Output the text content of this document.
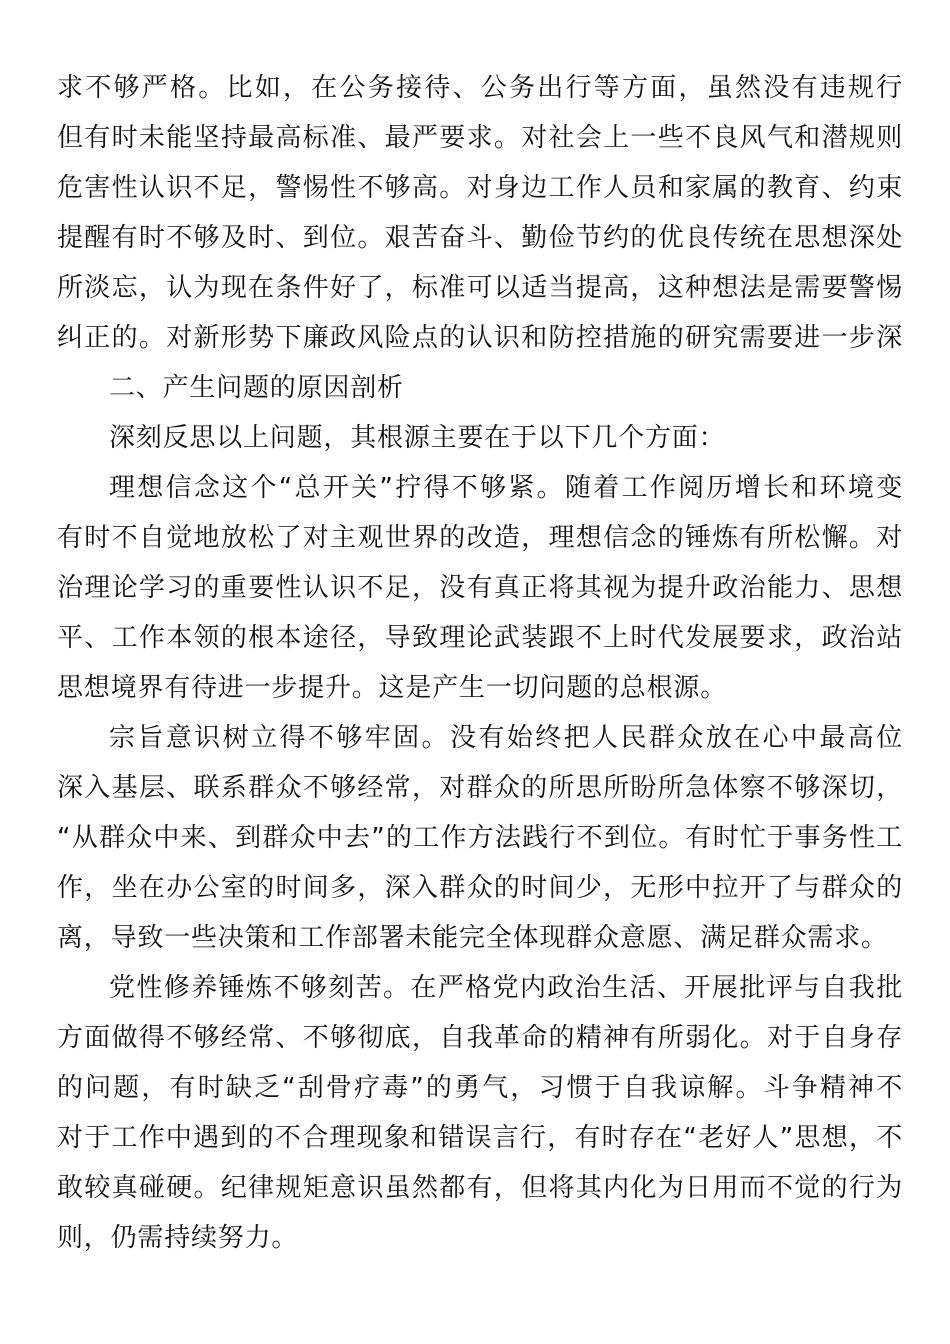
求不够严格。比如，在公务接待、公务出行等方面，虽然没有违规行
但有时未能坚持最高标准、最严要求。对社会上一些不良风气和潜规则
危害性认识不足，警惕性不够高。对身边工作人员和家属的教育、约束
提醒有时不够及时、到位。艰苦奋斗、勤俭节约的优良传统在思想深处
所淡忘，认为现在条件好了，标准可以适当提高，这种想法是需要警惕
纠正的。对新形势下廉政风险点的认识和防控措施的研究需要进一步深
二、产生问题的原因剖析
深刻反思以上问题，其根源主要在于以下几个方面：
理想信念这个“总开关”拧得不够紧。随着工作阅历增长和环境变
有时不自觉地放松了对主观世界的改造，理想信念的锤炼有所松懈。对
治理论学习的重要性认识不足，没有真正将其视为提升政治能力、思想
平、工作本领的根本途径，导致理论武装跟不上时代发展要求，政治站
思想境界有待进一步提升。这是产生一切问题的总根源。
宗旨意识树立得不够牢固。没有始终把人民群众放在心中最高位
深入基层、联系群众不够经常，对群众的所思所盼所急体察不够深切，
“从群众中来、到群众中去”的工作方法践行不到位。有时忙于事务性工
作，坐在办公室的时间多，深入群众的时间少，无形中拉开了与群众的
离，导致一些决策和工作部署未能完全体现群众意愿、满足群众需求。
党性修养锤炼不够刻苦。在严格党内政治生活、开展批评与自我批
方面做得不够经常、不够彻底，自我革命的精神有所弱化。对于自身存
的问题，有时缺乏“刮骨疗毒”的勇气，习惯于自我谅解。斗争精神不
对于工作中遇到的不合理现象和错误言行，有时存在“老好人”思想，不
敢较真碰硬。纪律规矩意识虽然都有，但将其内化为日用而不觉的行为
则，仍需持续努力。
